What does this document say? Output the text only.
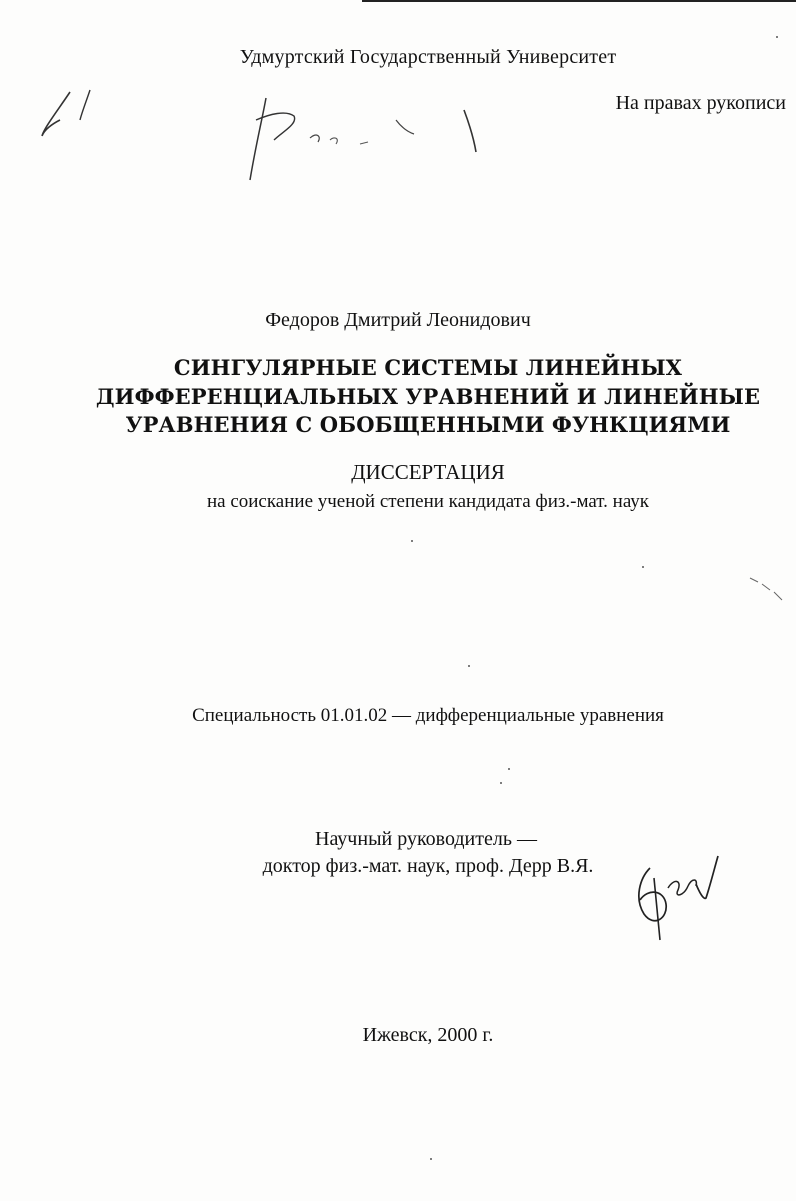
Удмуртский Государственный Университет
На правах рукописи
Федоров Дмитрий Леонидович
СИНГУЛЯРНЫЕ СИСТЕМЫ ЛИНЕЙНЫХ
ДИФФЕРЕНЦИАЛЬНЫХ УРАВНЕНИЙ И ЛИНЕЙНЫЕ
УРАВНЕНИЯ С ОБОБЩЕННЫМИ ФУНКЦИЯМИ
ДИССЕРТАЦИЯ
на соискание ученой степени кандидата физ.-мат. наук
Специальность 01.01.02 — дифференциальные уравнения
Научный руководитель —
доктор физ.-мат. наук, проф. Дерр В.Я.
Ижевск, 2000 г.
